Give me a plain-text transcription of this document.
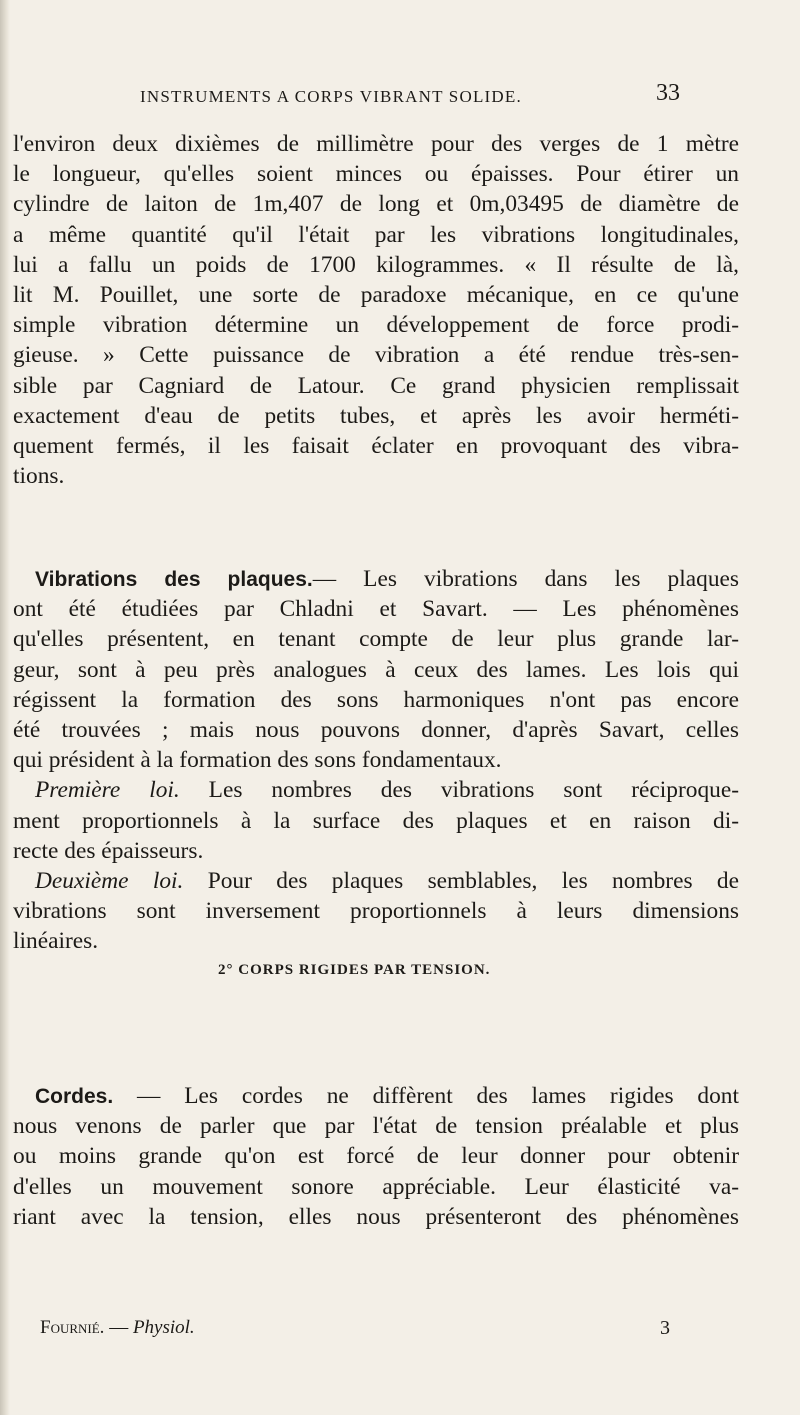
INSTRUMENTS A CORPS VIBRANT SOLIDE.	33
l'environ deux dixièmes de millimètre pour des verges de 1 mètre
le longueur, qu'elles soient minces ou épaisses. Pour étirer un
cylindre de laiton de 1m,407 de long et 0m,03495 de diamètre de
a même quantité qu'il l'était par les vibrations longitudinales,
lui a fallu un poids de 1700 kilogrammes. « Il résulte de là,
lit M. Pouillet, une sorte de paradoxe mécanique, en ce qu'une
simple vibration détermine un développement de force prodi-
gieuse. » Cette puissance de vibration a été rendue très-sen-
sible par Cagniard de Latour. Ce grand physicien remplissait
exactement d'eau de petits tubes, et après les avoir herméti-
quement fermés, il les faisait éclater en provoquant des vibra-
tions.
Vibrations des plaques.— Les vibrations dans les plaques
ont été étudiées par Chladni et Savart. — Les phénomènes
qu'elles présentent, en tenant compte de leur plus grande lar-
geur, sont à peu près analogues à ceux des lames. Les lois qui
régissent la formation des sons harmoniques n'ont pas encore
été trouvées ; mais nous pouvons donner, d'après Savart, celles
qui président à la formation des sons fondamentaux.
Première loi. Les nombres des vibrations sont réciproque-
ment proportionnels à la surface des plaques et en raison di-
recte des épaisseurs.
Deuxième loi. Pour des plaques semblables, les nombres de
vibrations sont inversement proportionnels à leurs dimensions
linéaires.
2° CORPS RIGIDES PAR TENSION.
Cordes. — Les cordes ne diffèrent des lames rigides dont
nous venons de parler que par l'état de tension préalable et plus
ou moins grande qu'on est forcé de leur donner pour obtenir
d'elles un mouvement sonore appréciable. Leur élasticité va-
riant avec la tension, elles nous présenteront des phénomènes
Fournié. — Physiol.	3
